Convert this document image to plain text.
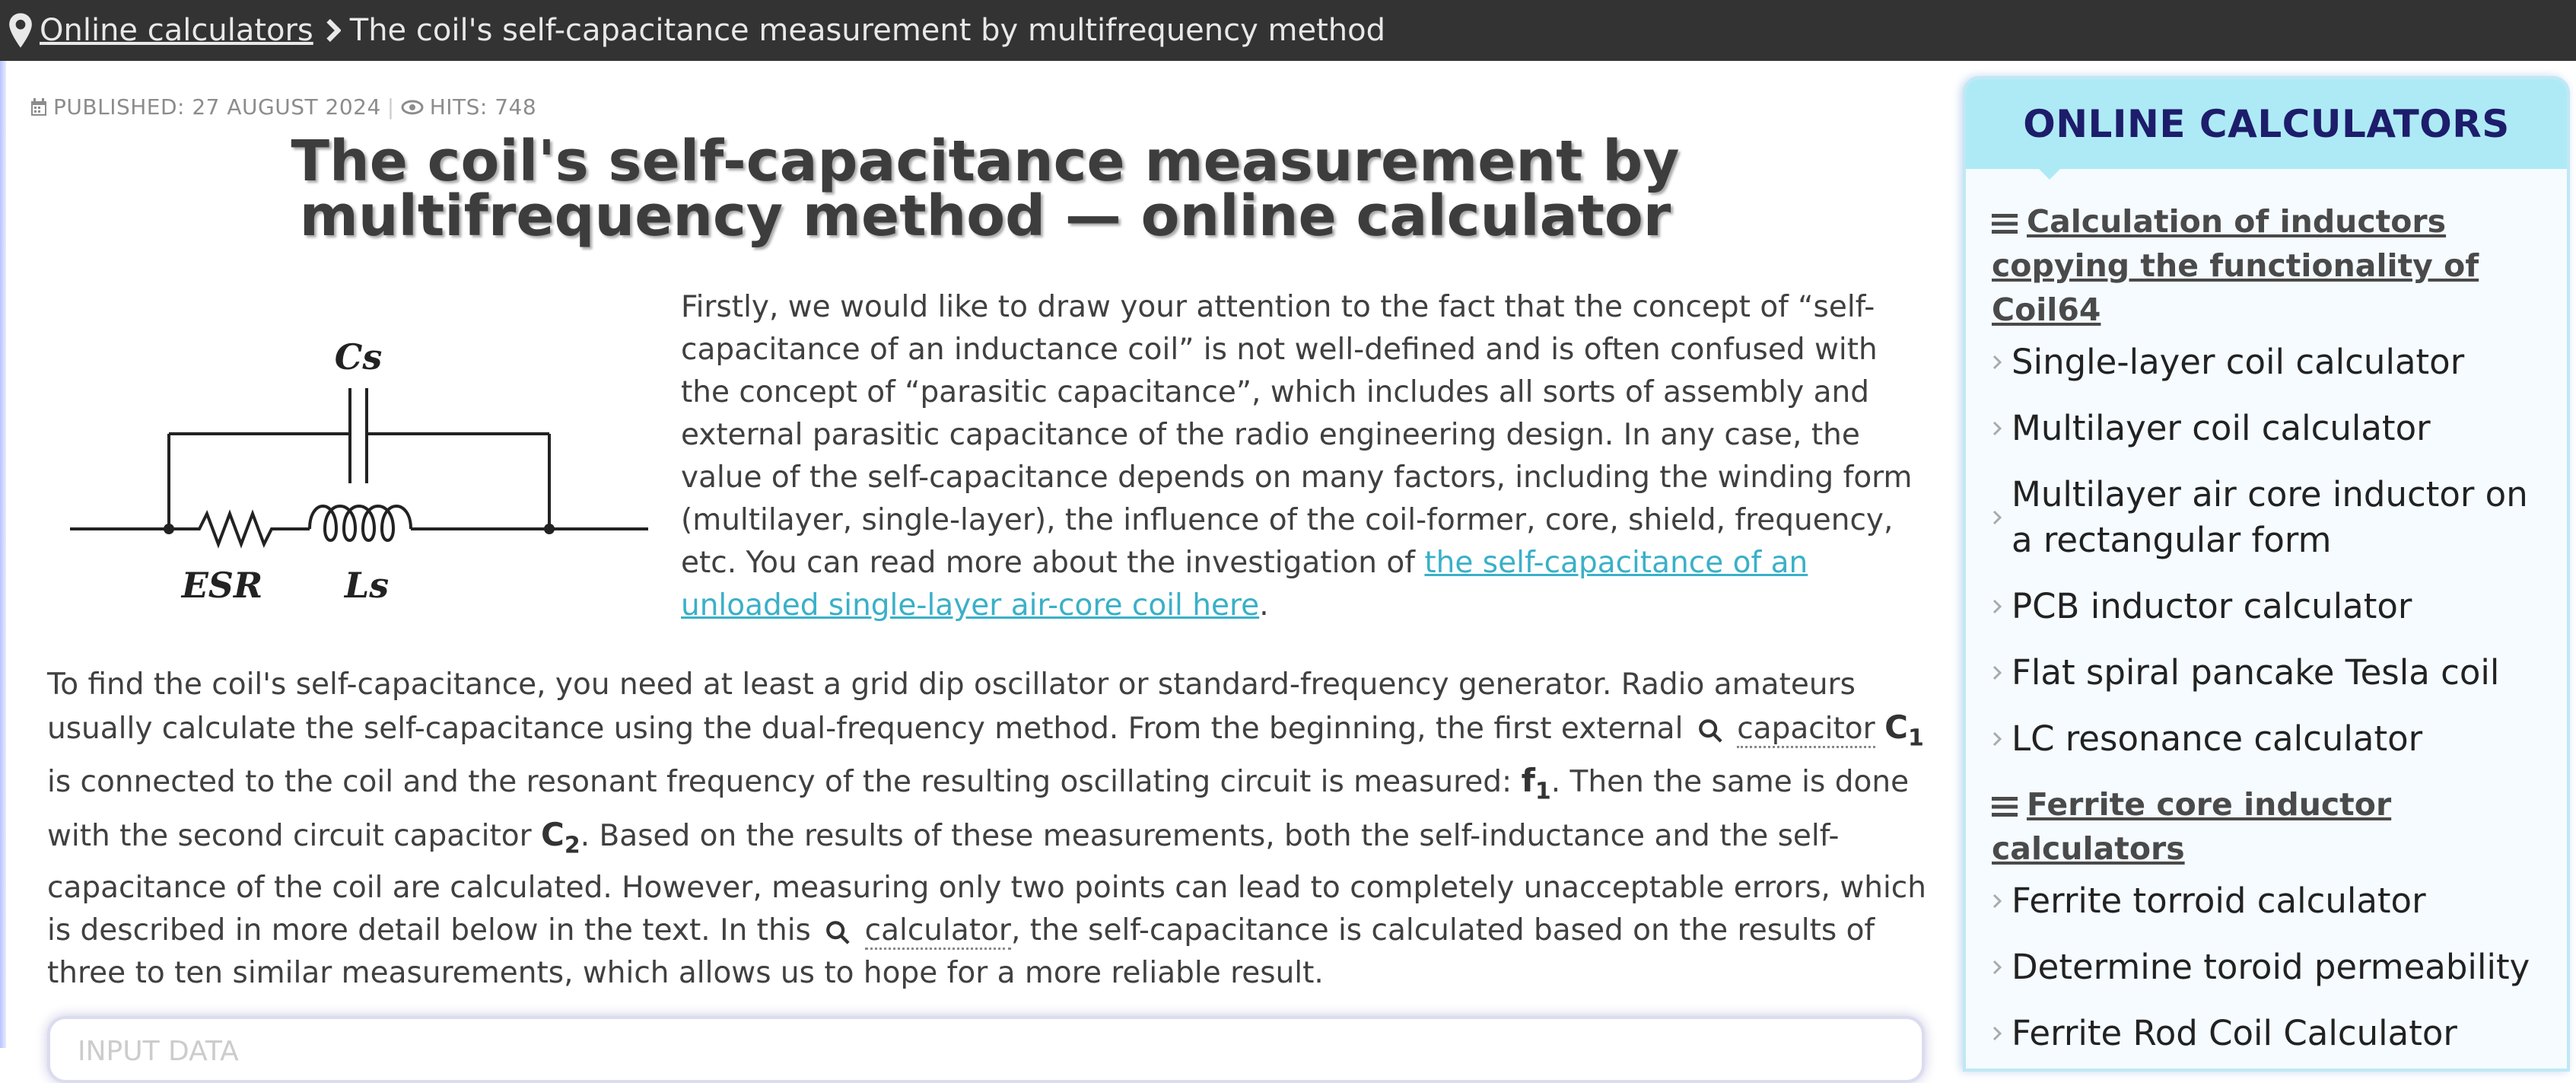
Online calculators The coil's self-capacitance measurement by multifrequency method
PUBLISHED: 27 AUGUST 2024 | HITS: 748
The coil's self-capacitance measurement by multifrequency method — online calculator
Cs
ESR Ls
Firstly, we would like to draw your attention to the fact that the concept of “self-capacitance of an inductance coil” is not well-defined and is often confused with the concept of “parasitic capacitance”, which includes all sorts of assembly and external parasitic capacitance of the radio engineering design. In any case, the value of the self-capacitance depends on many factors, including the winding form (multilayer, single-layer), the influence of the coil-former, core, shield, frequency, etc. You can read more about the investigation of the self-capacitance of an unloaded single-layer air-core coil here.
To find the coil's self-capacitance, you need at least a grid dip oscillator or standard-frequency generator. Radio amateurs usually calculate the self-capacitance using the dual-frequency method. From the beginning, the first external capacitor $C_1$ is connected to the coil and the resonant frequency of the resulting oscillating circuit is measured: $f_1$. Then the same is done with the second circuit capacitor $C_2$. Based on the results of these measurements, both the self-inductance and the self-capacitance of the coil are calculated. However, measuring only two points can lead to completely unacceptable errors, which is described in more detail below in the text. In this calculator, the self-capacitance is calculated based on the results of three to ten similar measurements, which allows us to hope for a more reliable result.
INPUT DATA
ONLINE CALCULATORS
Calculation of inductors copying the functionality of Coil64
Single-layer coil calculator
Multilayer coil calculator
Multilayer air core inductor on a rectangular form
PCB inductor calculator
Flat spiral pancake Tesla coil
LC resonance calculator
Ferrite core inductor calculators
Ferrite torroid calculator
Determine toroid permeability
Ferrite Rod Coil Calculator
